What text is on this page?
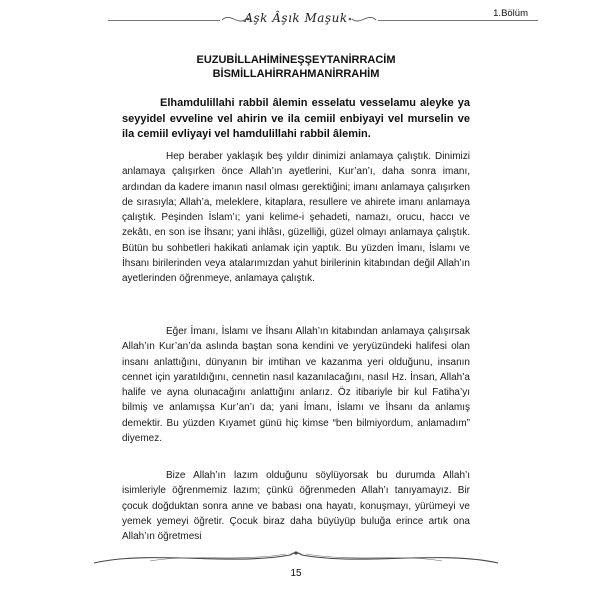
Aşk Âşık Maşuk	1.Bölüm
EUZUBİLLAHİMİNEŞŞEYTANİRRACİM
BİSMİLLAHİRRAHMANİRRAHİM
Elhamdulillahi rabbil âlemin esselatu vesselamu aleyke ya seyyidel evveline vel ahirin ve ila cemiil enbiyayi vel murselin ve ila cemiil evliyayi vel hamdulillahi rabbil âlemin.

Hep beraber yaklaşık beş yıldır dinimizi anlamaya çalıştık. Dinimizi anlamaya çalışırken önce Allah’ın ayetlerini, Kur’an’ı, daha sonra imanı, ardından da kadere imanın nasıl olması gerektiğini; imanı anlamaya çalışırken de sırasıyla; Allah’a, meleklere, kitaplara, resullere ve ahirete imanı anlamaya çalıştık. Peşinden İslam’ı; yani kelime-i şehadeti, namazı, orucu, haccı ve zekâtı, en son ise İhsanı; yani ihlâsı, güzelliği, güzel olmayı anlamaya çalıştık. Bütün bu sohbetleri hakikati anlamak için yaptık. Bu yüzden İmanı, İslamı ve İhsanı birilerinden veya atalarımızdan yahut birilerinin kitabından değil Allah’ın ayetlerinden öğrenmeye, anlamaya çalıştık.

Eğer İmanı, İslamı ve İhsanı Allah’ın kitabından anlamaya çalışırsak Allah’ın Kur’an’da aslında baştan sona kendini ve yeryüzündeki halifesi olan insanı anlattığını, dünyanın bir imtihan ve kazanma yeri olduğunu, insanın cennet için yaratıldığını, cennetin nasıl kazanılacağını, nasıl Hz. İnsan, Allah’a halife ve ayna olunacağını anlattığını anlarız. Öz itibariyle bir kul Fatiha’yı bilmiş ve anlamışsa Kur’an’ı da; yani İmanı, İslamı ve İhsanı da anlamış demektir. Bu yüzden Kıyamet günü hiç kimse “ben bilmiyordum, anlamadım” diyemez.

Bize Allah’ın lazım olduğunu söylüyorsak bu durumda Allah’ı isimleriyle öğrenmemiz lazım; çünkü öğrenmeden Allah’ı tanıyamayız. Bir çocuk doğduktan sonra anne ve babası ona hayatı, konuşmayı, yürümeyi ve yemek yemeyi öğretir. Çocuk biraz daha büyüyüp buluğa erince artık ona Allah’ın öğretmesi

15
